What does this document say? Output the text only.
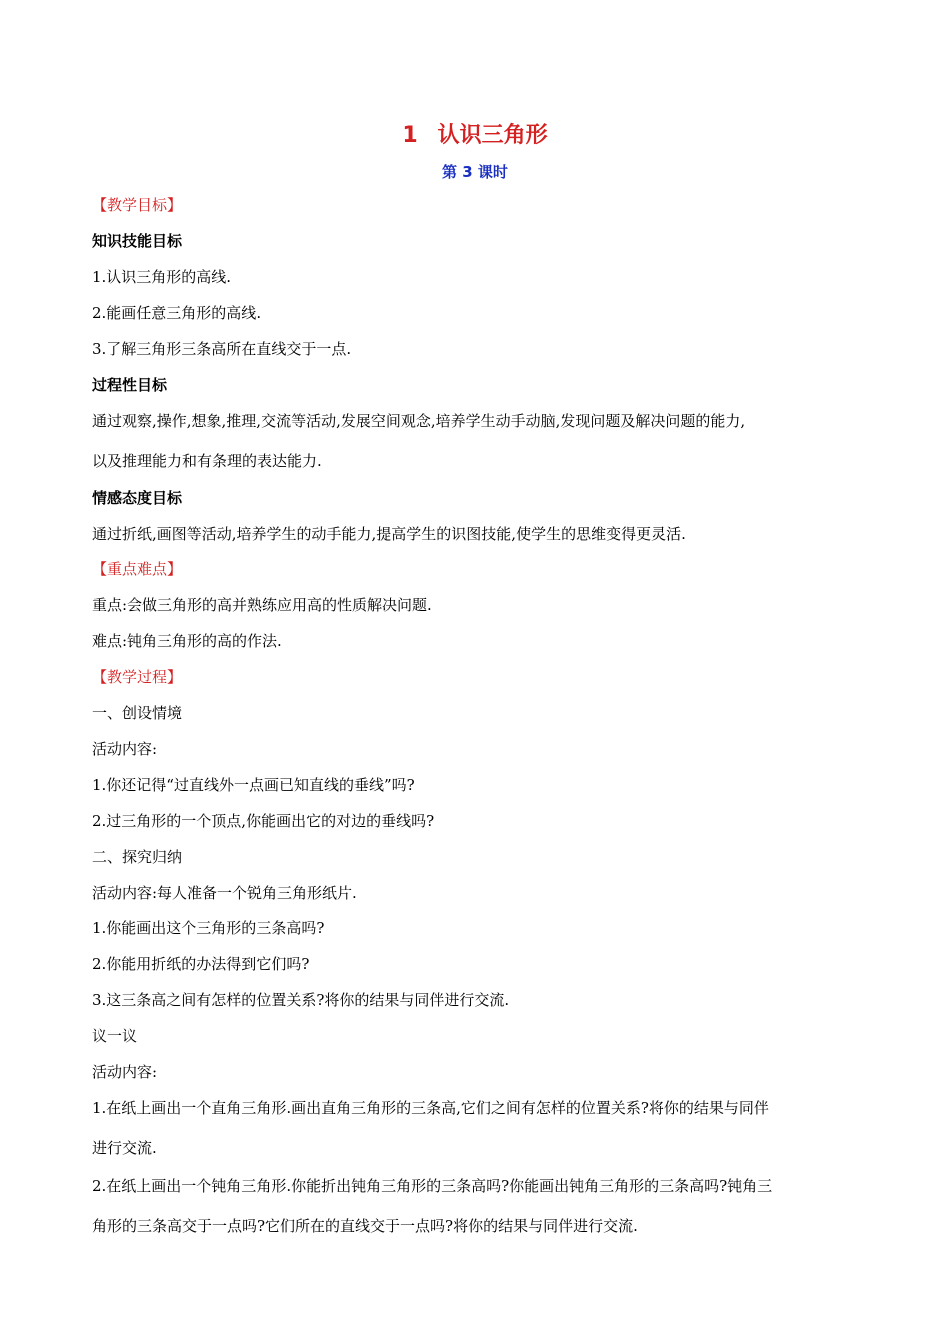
1 认识三角形
第 3 课时
【教学目标】
知识技能目标
1.认识三角形的高线.
2.能画任意三角形的高线.
3.了解三角形三条高所在直线交于一点.
过程性目标
通过观察,操作,想象,推理,交流等活动,发展空间观念,培养学生动手动脑,发现问题及解决问题的能力,
以及推理能力和有条理的表达能力.
情感态度目标
通过折纸,画图等活动,培养学生的动手能力,提高学生的识图技能,使学生的思维变得更灵活.
【重点难点】
重点:会做三角形的高并熟练应用高的性质解决问题.
难点:钝角三角形的高的作法.
【教学过程】
一、创设情境
活动内容:
1.你还记得“过直线外一点画已知直线的垂线”吗?
2.过三角形的一个顶点,你能画出它的对边的垂线吗?
二、探究归纳
活动内容:每人准备一个锐角三角形纸片.
1.你能画出这个三角形的三条高吗?
2.你能用折纸的办法得到它们吗?
3.这三条高之间有怎样的位置关系?将你的结果与同伴进行交流.
议一议
活动内容:
1.在纸上画出一个直角三角形.画出直角三角形的三条高,它们之间有怎样的位置关系?将你的结果与同伴
进行交流.
2.在纸上画出一个钝角三角形.你能折出钝角三角形的三条高吗?你能画出钝角三角形的三条高吗?钝角三
角形的三条高交于一点吗?它们所在的直线交于一点吗?将你的结果与同伴进行交流.
